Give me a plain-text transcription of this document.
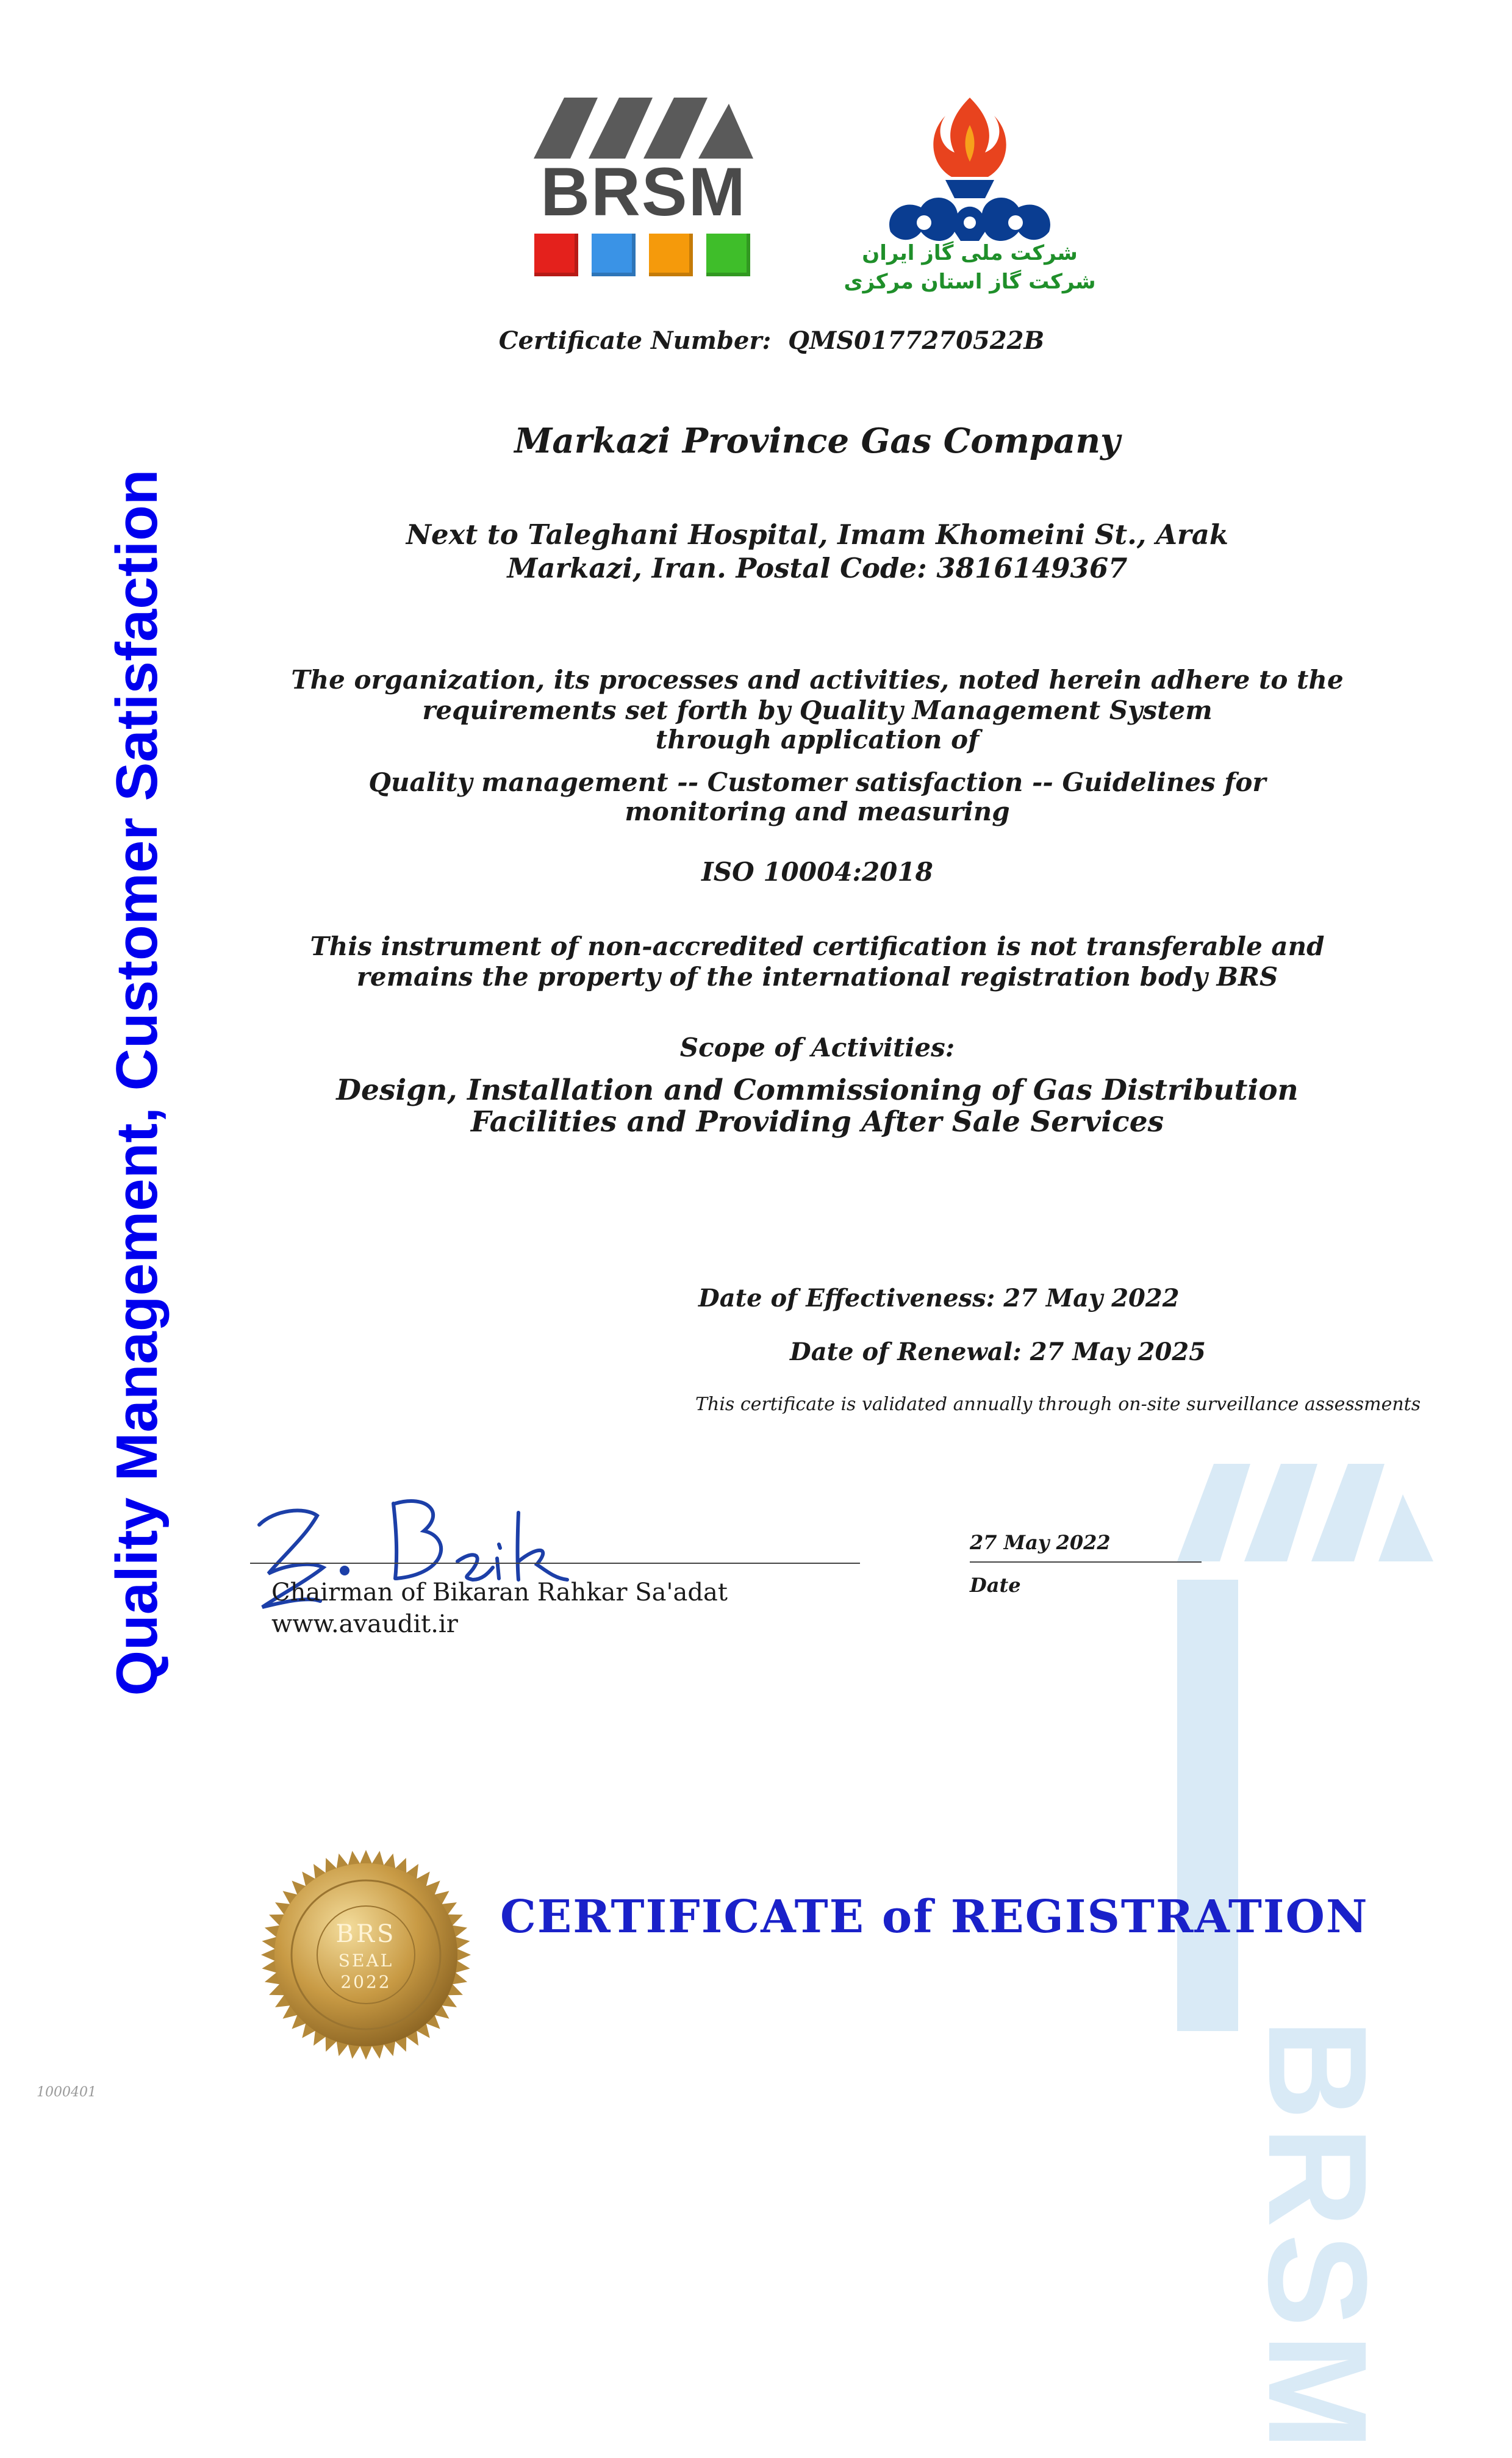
Quality Management, Customer Satisfaction
BRSM
BRSM
شرکت ملی گاز ایران
شرکت گاز استان مرکزی
Certificate Number: QMS0177270522B
Markazi Province Gas Company
Next to Taleghani Hospital, Imam Khomeini St., Arak
Markazi, Iran. Postal Code: 3816149367
The organization, its processes and activities, noted herein adhere to the
requirements set forth by Quality Management System
through application of
Quality management -- Customer satisfaction -- Guidelines for
monitoring and measuring
ISO 10004:2018
This instrument of non-accredited certification is not transferable and
remains the property of the international registration body BRS
Scope of Activities:
Design, Installation and Commissioning of Gas Distribution
Facilities and Providing After Sale Services
Date of Effectiveness: 27 May 2022
Date of Renewal: 27 May 2025
This certificate is validated annually through on-site surveillance assessments
Chairman of Bikaran Rahkar Sa'adat
www.avaudit.ir
27 May 2022
Date
BRS
SEAL
2022
CERTIFICATE of REGISTRATION
1000401
